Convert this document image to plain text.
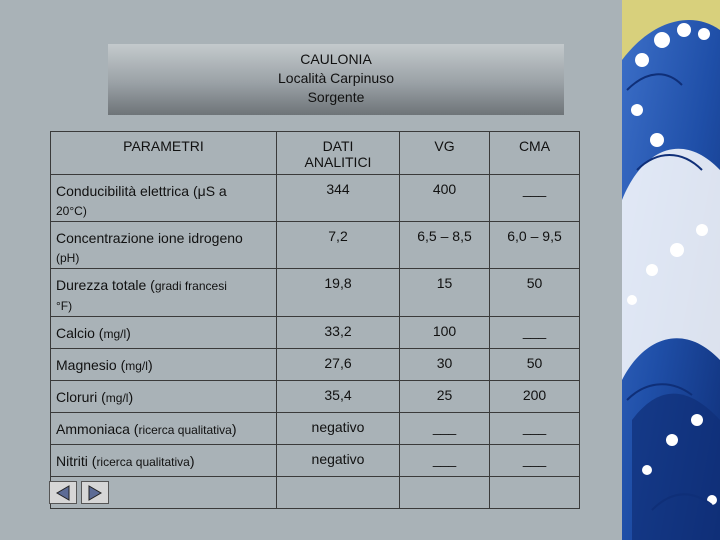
CAULONIA
Località Carpinuso
Sorgente
PARAMETRI	DATI
ANALITICI	VG	CMA

Conducibilità elettrica (μS a
20°C)	344	400	___

Concentrazione ione idrogeno
(pH)	7,2	6,5 – 8,5	6,0 – 9,5

Durezza totale (gradi francesi
°F)	19,8	15	50

Calcio (mg/l)	33,2	100	___

Magnesio (mg/l)	27,6	30	50

Cloruri (mg/l)	35,4	25	200

Ammoniaca (ricerca qualitativa)	negativo	___	___

Nitriti (ricerca qualitativa)	negativo	___	___
